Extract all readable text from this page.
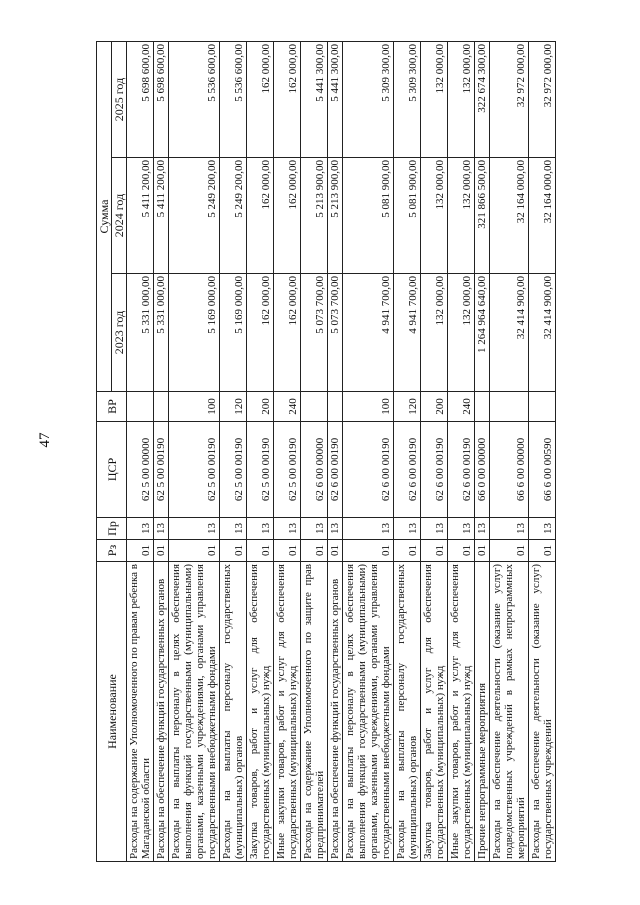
47
Наименование	Рз	Пр	ЦСР	ВР	Сумма		
					2023 год	2024 год	2025 год
Расходы на содержание Уполномоченного по правам ребенка в Магаданской области	01	13	62 5 00 00000		5 331 000,00	5 411 200,00	5 698 600,00
Расходы на обеспечение функций государственных органов	01	13	62 5 00 00190		5 331 000,00	5 411 200,00	5 698 600,00
Расходы на выплаты персоналу в целях обеспечения выполнения функций государственными (муниципальными) органами, казенными учреждениями, органами управления государственными внебюджетными фондами	01	13	62 5 00 00190	100	5 169 000,00	5 249 200,00	5 536 600,00
Расходы на выплаты персоналу государственных (муниципальных) органов	01	13	62 5 00 00190	120	5 169 000,00	5 249 200,00	5 536 600,00
Закупка товаров, работ и услуг для обеспечения государственных (муниципальных) нужд	01	13	62 5 00 00190	200	162 000,00	162 000,00	162 000,00
Иные закупки товаров, работ и услуг для обеспечения государственных (муниципальных) нужд	01	13	62 5 00 00190	240	162 000,00	162 000,00	162 000,00
Расходы на содержание Уполномоченного по защите прав предпринимателей	01	13	62 6 00 00000		5 073 700,00	5 213 900,00	5 441 300,00
Расходы на обеспечение функций государственных органов	01	13	62 6 00 00190		5 073 700,00	5 213 900,00	5 441 300,00
Расходы на выплаты персоналу в целях обеспечения выполнения функций государственными (муниципальными) органами, казенными учреждениями, органами управления государственными внебюджетными фондами	01	13	62 6 00 00190	100	4 941 700,00	5 081 900,00	5 309 300,00
Расходы на выплаты персоналу государственных (муниципальных) органов	01	13	62 6 00 00190	120	4 941 700,00	5 081 900,00	5 309 300,00
Закупка товаров, работ и услуг для обеспечения государственных (муниципальных) нужд	01	13	62 6 00 00190	200	132 000,00	132 000,00	132 000,00
Иные закупки товаров, работ и услуг для обеспечения государственных (муниципальных) нужд	01	13	62 6 00 00190	240	132 000,00	132 000,00	132 000,00
Прочие непрограммные мероприятия	01	13	66 0 00 00000		1 264 964 640,00	321 866 500,00	322 674 300,00
Расходы на обеспечение деятельности (оказание услуг) подведомственных учреждений в рамках непрограммных мероприятий	01	13	66 6 00 00000		32 414 900,00	32 164 000,00	32 972 000,00
Расходы на обеспечение деятельности (оказание услуг) государственных учреждений	01	13	66 6 00 00590		32 414 900,00	32 164 000,00	32 972 000,00
